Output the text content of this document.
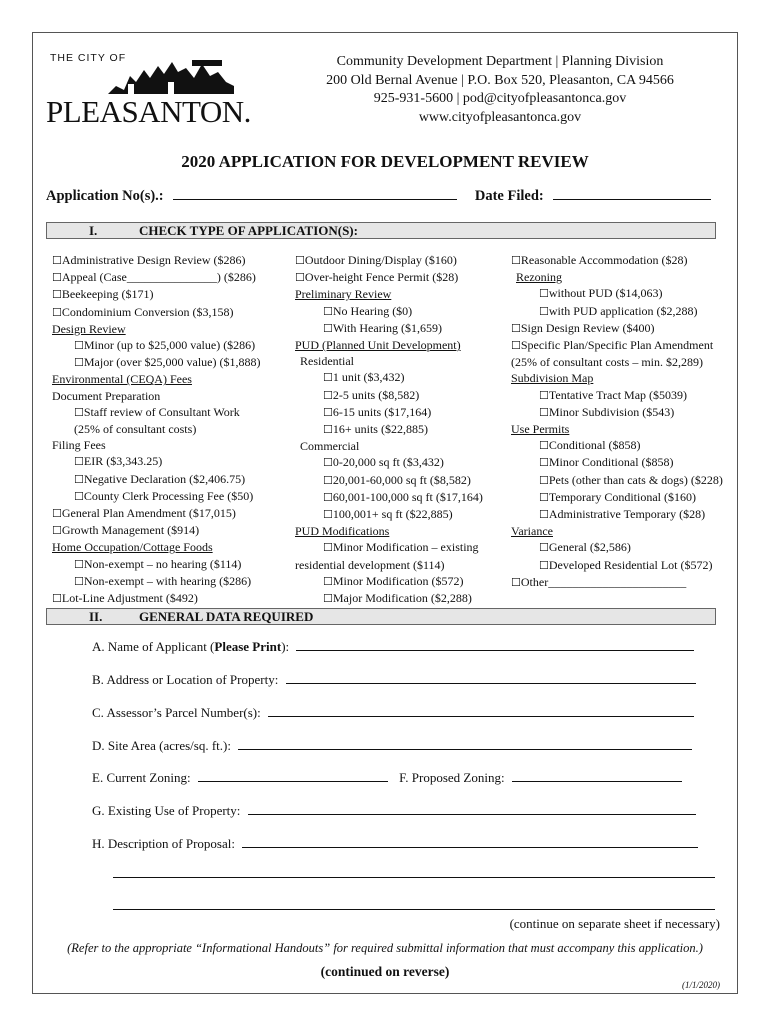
THE CITY OF
PLEASANTON.
Community Development Department | Planning Division
200 Old Bernal Avenue | P.O. Box 520, Pleasanton, CA 94566
925-931-5600 | pod@cityofpleasantonca.gov
www.cityofpleasantonca.gov
2020 APPLICATION FOR DEVELOPMENT REVIEW
Application No(s).:	Date Filed:
I.	CHECK TYPE OF APPLICATION(S):
☐Administrative Design Review ($286)
☐Appeal (Case_______________) ($286)
☐Beekeeping ($171)
☐Condominium Conversion ($3,158)
Design Review
☐Minor (up to $25,000 value) ($286)
☐Major (over $25,000 value) ($1,888)
Environmental (CEQA) Fees
Document Preparation
☐Staff review of Consultant Work
(25% of consultant costs)
Filing Fees
☐EIR ($3,343.25)
☐Negative Declaration ($2,406.75)
☐County Clerk Processing Fee ($50)
☐General Plan Amendment ($17,015)
☐Growth Management ($914)
Home Occupation/Cottage Foods
☐Non-exempt – no hearing ($114)
☐Non-exempt – with hearing ($286)
☐Lot-Line Adjustment ($492)
☐Outdoor Dining/Display ($160)
☐Over-height Fence Permit ($28)
Preliminary Review
☐No Hearing ($0)
☐With Hearing ($1,659)
PUD (Planned Unit Development)
Residential
☐1 unit ($3,432)
☐2-5 units ($8,582)
☐6-15 units ($17,164)
☐16+ units ($22,885)
Commercial
☐0-20,000 sq ft ($3,432)
☐20,001-60,000 sq ft ($8,582)
☐60,001-100,000 sq ft ($17,164)
☐100,001+ sq ft ($22,885)
PUD Modifications
☐Minor Modification – existing
residential development ($114)
☐Minor Modification ($572)
☐Major Modification ($2,288)
☐Reasonable Accommodation ($28)
Rezoning
☐without PUD ($14,063)
☐with PUD application ($2,288)
☐Sign Design Review ($400)
☐Specific Plan/Specific Plan Amendment
(25% of consultant costs – min. $2,289)
Subdivision Map
☐Tentative Tract Map ($5039)
☐Minor Subdivision ($543)
Use Permits
☐Conditional ($858)
☐Minor Conditional ($858)
☐Pets (other than cats & dogs) ($228)
☐Temporary Conditional ($160)
☐Administrative Temporary ($28)
Variance
☐General ($2,586)
☐Developed Residential Lot ($572)
☐Other_______________________
II.	GENERAL DATA REQUIRED
A. Name of Applicant (Please Print):
B. Address or Location of Property:
C. Assessor’s Parcel Number(s):
D. Site Area (acres/sq. ft.):
E. Current Zoning:	F. Proposed Zoning:
G. Existing Use of Property:
H. Description of Proposal:
(continue on separate sheet if necessary)
(Refer to the appropriate “Informational Handouts” for required submittal information that must accompany this application.)
(continued on reverse)
(1/1/2020)
